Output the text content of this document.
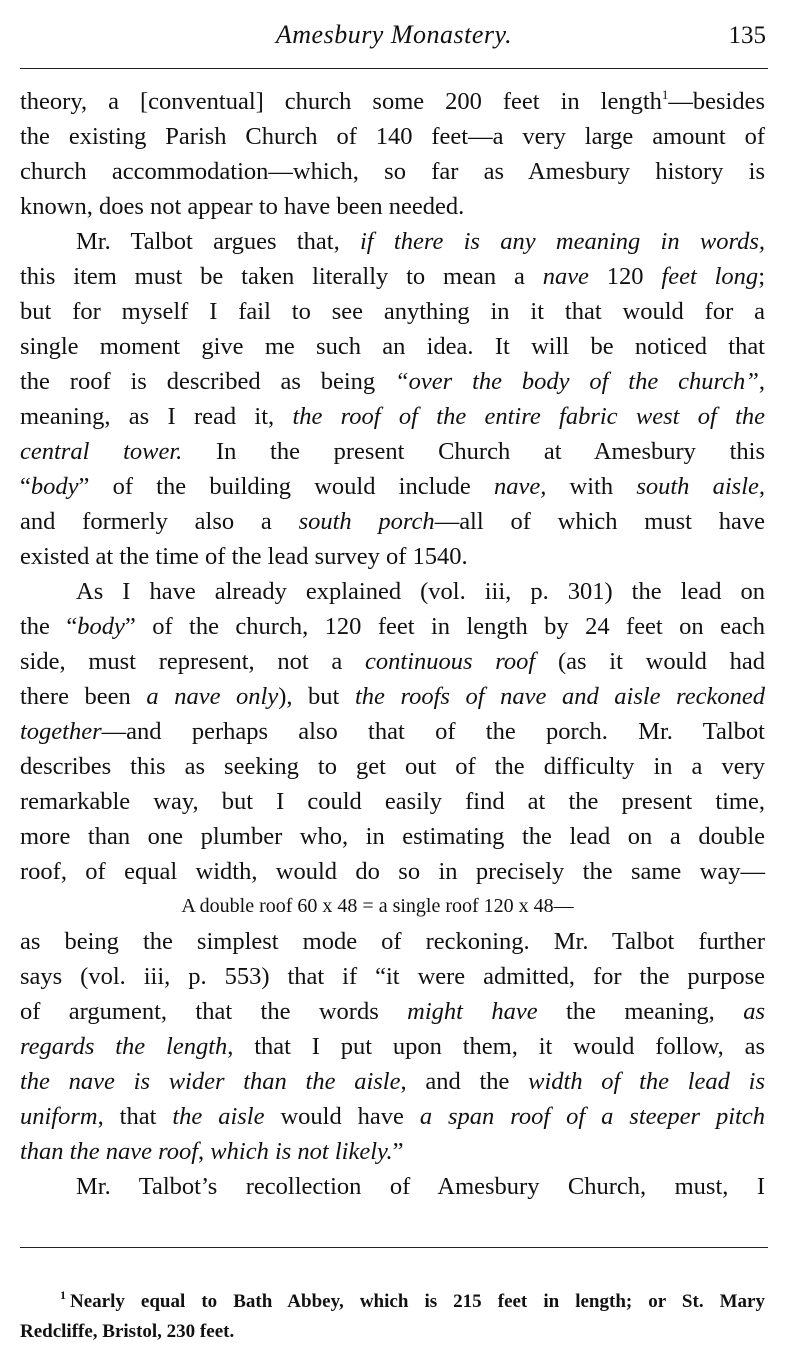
Amesbury Monastery.	135
theory, a [conventual] church some 200 feet in length$^1$—besides
the existing Parish Church of 140 feet—a very large amount of
church accommodation—which, so far as Amesbury history is
known, does not appear to have been needed.
Mr. Talbot argues that, if there is any meaning in words,
this item must be taken literally to mean a nave 120 feet long;
but for myself I fail to see anything in it that would for a
single moment give me such an idea. It will be noticed that
the roof is described as being “over the body of the church”,
meaning, as I read it, the roof of the entire fabric west of the
central tower. In the present Church at Amesbury this
“body” of the building would include nave, with south aisle,
and formerly also a south porch—all of which must have
existed at the time of the lead survey of 1540.
As I have already explained (vol. iii, p. 301) the lead on
the “body” of the church, 120 feet in length by 24 feet on each
side, must represent, not a continuous roof (as it would had
there been a nave only), but the roofs of nave and aisle reckoned
together—and perhaps also that of the porch. Mr. Talbot
describes this as seeking to get out of the difficulty in a very
remarkable way, but I could easily find at the present time,
more than one plumber who, in estimating the lead on a double
roof, of equal width, would do so in precisely the same way—
A double roof 60 x 48 = a single roof 120 x 48—
as being the simplest mode of reckoning. Mr. Talbot further
says (vol. iii, p. 553) that if “it were admitted, for the purpose
of argument, that the words might have the meaning, as
regards the length, that I put upon them, it would follow, as
the nave is wider than the aisle, and the width of the lead is
uniform, that the aisle would have a span roof of a steeper pitch
than the nave roof, which is not likely.”
Mr. Talbot’s recollection of Amesbury Church, must, I
$^1$ Nearly equal to Bath Abbey, which is 215 feet in length; or St. Mary
Redcliffe, Bristol, 230 feet.
